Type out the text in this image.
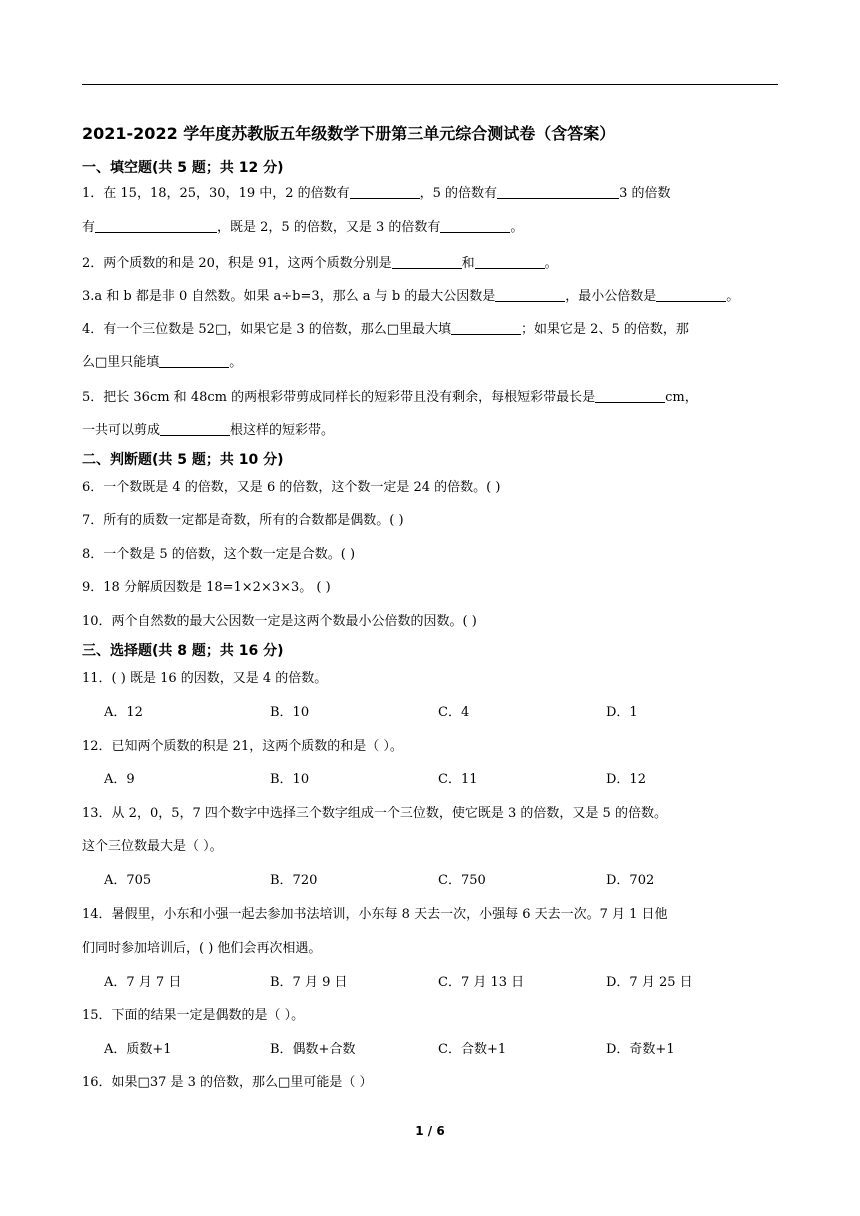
2021-2022 学年度苏教版五年级数学下册第三单元综合测试卷（含答案）
一、填空题(共 5 题；共 12 分)
1．在 15，18，25，30，19 中，2 的倍数有	，5 的倍数有	3 的倍数
有	，既是 2，5 的倍数，又是 3 的倍数有	。
2．两个质数的和是 20，积是 91，这两个质数分别是	和	。
3.a 和 b 都是非 0 自然数。如果 a÷b=3，那么 a 与 b 的最大公因数是	，最小公倍数是	。
4．有一个三位数是 52□，如果它是 3 的倍数，那么□里最大填	；如果它是 2、5 的倍数，那
么□里只能填	。
5．把长 36cm 和 48cm 的两根彩带剪成同样长的短彩带且没有剩余，每根短彩带最长是	cm，
一共可以剪成	根这样的短彩带。
二、判断题(共 5 题；共 10 分)
6．一个数既是 4 的倍数，又是 6 的倍数，这个数一定是 24 的倍数。( )
7．所有的质数一定都是奇数，所有的合数都是偶数。( )
8．一个数是 5 的倍数，这个数一定是合数。( )
9．18 分解质因数是 18=1×2×3×3。 ( )
10．两个自然数的最大公因数一定是这两个数最小公倍数的因数。( )
三、选择题(共 8 题；共 16 分)
11．( ) 既是 16 的因数，又是 4 的倍数。
A．12	B．10	C．4	D．1
12．已知两个质数的积是 21，这两个质数的和是（ ）。
A．9	B．10	C．11	D．12
13．从 2，0，5，7 四个数字中选择三个数字组成一个三位数，使它既是 3 的倍数，又是 5 的倍数。
这个三位数最大是（ ）。
A．705	B．720	C．750	D．702
14．暑假里，小东和小强一起去参加书法培训，小东每 8 天去一次，小强每 6 天去一次。7 月 1 日他
们同时参加培训后，( ) 他们会再次相遇。
A．7 月 7 日	B．7 月 9 日	C．7 月 13 日	D．7 月 25 日
15．下面的结果一定是偶数的是（ ）。
A．质数+1	B．偶数+合数	C．合数+1	D．奇数+1
16．如果□37 是 3 的倍数，那么□里可能是（ ）
1 / 6
